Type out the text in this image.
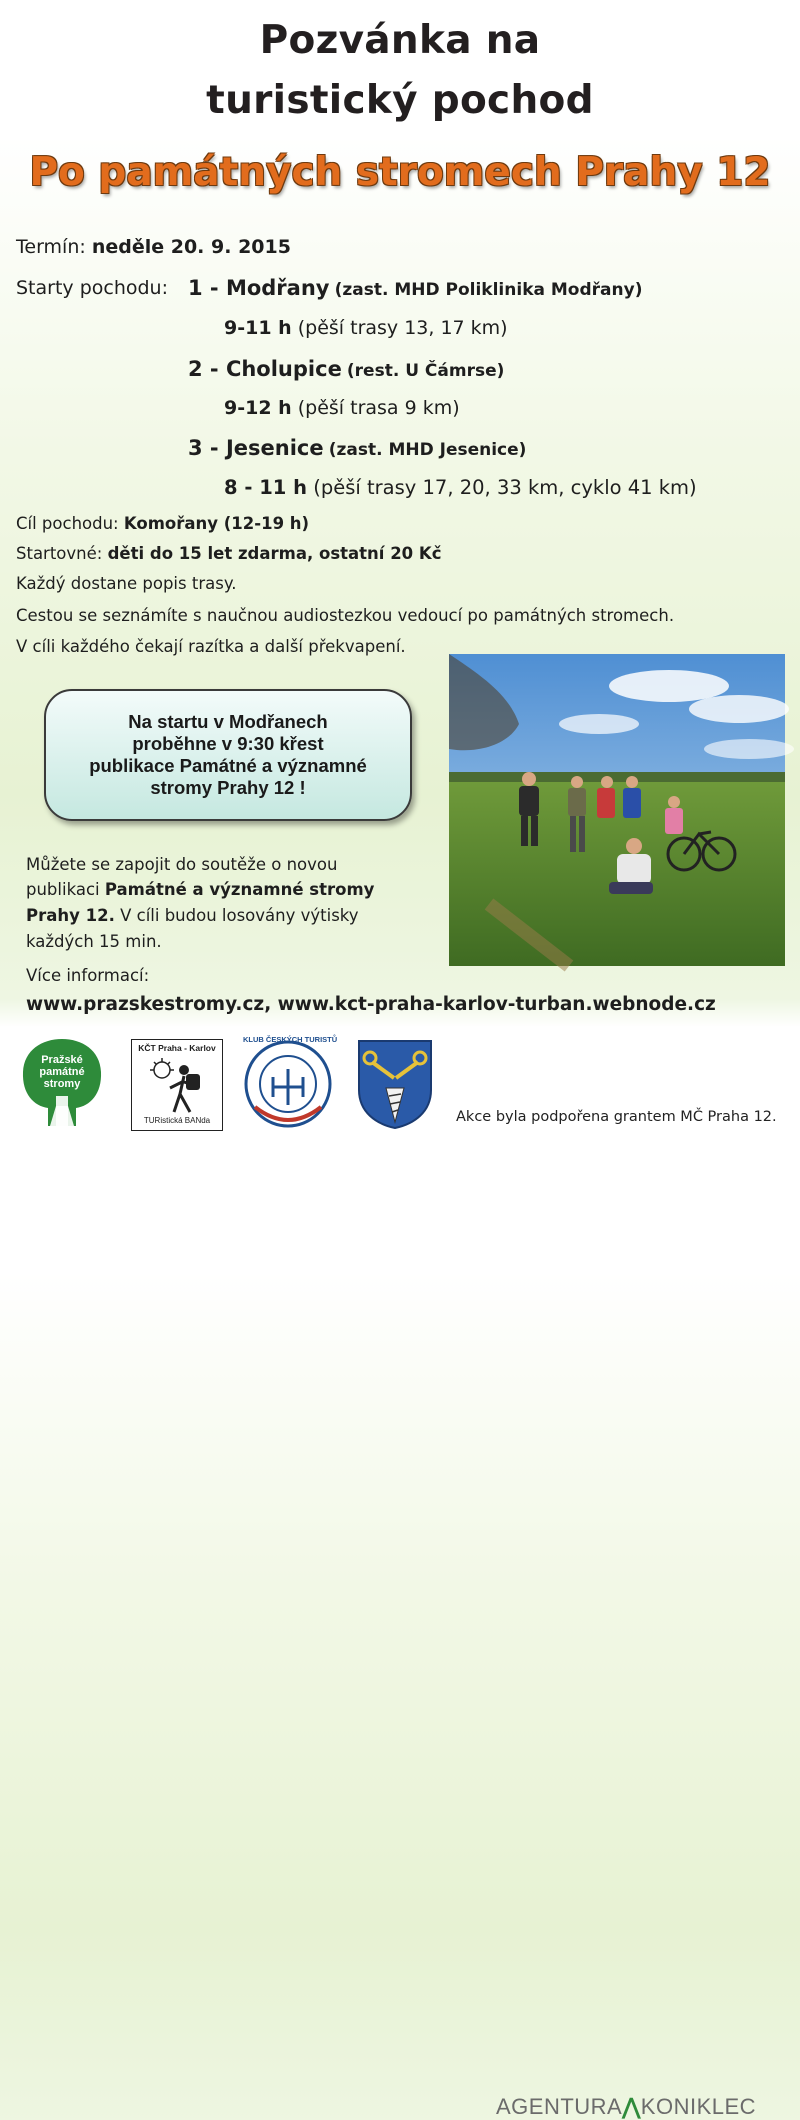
Pozvánka na
turistický pochod
Po památných stromech Prahy 12
Termín: neděle 20. 9. 2015
Starty pochodu: 1 - Modřany (zast. MHD Poliklinika Modřany)
9-11 h (pěší trasy 13, 17 km)
2 - Cholupice (rest. U Čámrse)
9-12 h (pěší trasa 9 km)
3 - Jesenice (zast. MHD Jesenice)
8 - 11 h (pěší trasy 17, 20, 33 km, cyklo 41 km)
Cíl pochodu: Komořany (12-19 h)
Startovné: děti do 15 let zdarma, ostatní 20 Kč
Každý dostane popis trasy.
Cestou se seznámíte s naučnou audiostezkou vedoucí po památných stromech.
V cíli každého čekají razítka a další překvapení.
Na startu v Modřanech
proběhne v 9:30 křest
publikace Památné a významné
stromy Prahy 12 !
Můžete se zapojit do soutěže o novou
publikaci Památné a významné stromy
Prahy 12. V cíli budou losovány výtisky
každých 15 min.
Více informací:
www.prazskestromy.cz, www.kct-praha-karlov-turban.webnode.cz
Pražské
památné
stromy
KČT Praha - Karlov
TURistická BANda
KLUB ČESKÝCH TURISTŮ
AGENTURA⋀KONIKLEC
Akce byla podpořena grantem MČ Praha 12.
